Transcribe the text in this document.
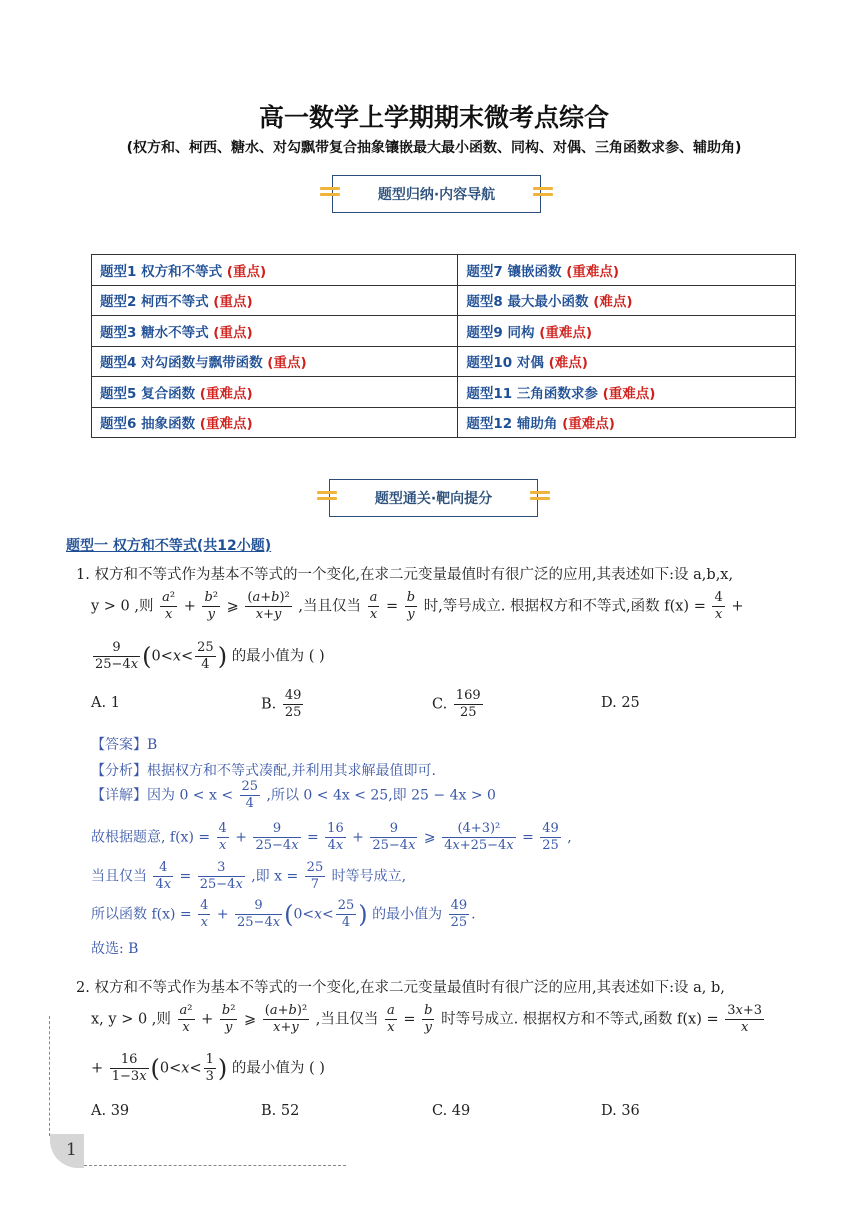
高一数学上学期期末微考点综合
(权方和、柯西、糖水、对勾飘带复合抽象镶嵌最大最小函数、同构、对偶、三角函数求参、辅助角)
题型归纳·内容导航
题型1 权方和不等式 (重点)	题型7 镶嵌函数 (重难点)
题型2 柯西不等式 (重点)	题型8 最大最小函数 (难点)
题型3 糖水不等式 (重点)	题型9 同构 (重难点)
题型4 对勾函数与飘带函数 (重点)	题型10 对偶 (难点)
题型5 复合函数 (重难点)	题型11 三角函数求参 (重难点)
题型6 抽象函数 (重难点)	题型12 辅助角 (重难点)
题型通关·靶向提分
题型一 权方和不等式(共12小题)
1. 权方和不等式作为基本不等式的一个变化,在求二元变量最值时有很广泛的应用,其表述如下:设 a,b,x,
y > 0 ,则 $\frac{\text{a²}}{x} + \frac{\text{b²}}{y}$ ⩾ $\frac{\text{(a+b)²}}{x+y}$ ,当且仅当 $\frac{a}{x} = \frac{b}{y}$ 时,等号成立. 根据权方和不等式,函数 $f(x) = \frac{4}{x}$ +
$\frac{9}{25-4x} (0<x< \frac{25}{4}$ ) 的最小值为 ( )
A. 1	B. $\frac{49}{25}$	C. $\frac{169}{25}$	D. 25
【答案】B
【分析】根据权方和不等式凑配,并利用其求解最值即可.
【详解】因为 $0 < x < \frac{25}{4}$ ,所以 0 < 4x < 25,即 25 − 4x > 0
故根据题意, $f(x) = \frac{4}{x} + \frac{9}{25-4x} = \frac{16}{4x} + \frac{9}{25-4x}$ ⩾ $\frac{\text{(4+3)²}}{4x+25-4x} = \frac{49}{25}$ ,
当且仅当 $\frac{4}{4x} = \frac{3}{25-4x}$ ,即 $x = \frac{25}{7}$ 时等号成立,
所以函数 $f(x) = \frac{4}{x} + \frac{9}{25-4x} (0<x< \frac{25}{4}$ ) 的最小值为 $\frac{49}{25}$ .
故选: B
2. 权方和不等式作为基本不等式的一个变化,在求二元变量最值时有很广泛的应用,其表述如下:设 a, b,
x, y > 0 ,则 $\frac{\text{a²}}{x} + \frac{\text{b²}}{y}$ ⩾ $\frac{\text{(a+b)²}}{x+y}$ ,当且仅当 $\frac{a}{x} = \frac{b}{y}$ 时等号成立. 根据权方和不等式,函数 $f(x) = \frac{3x+3}{x}$
+ $\frac{16}{1-3x} (0<x< \frac{1}{3}$ ) 的最小值为 ( )
A. 39	B. 52	C. 49	D. 36
1
